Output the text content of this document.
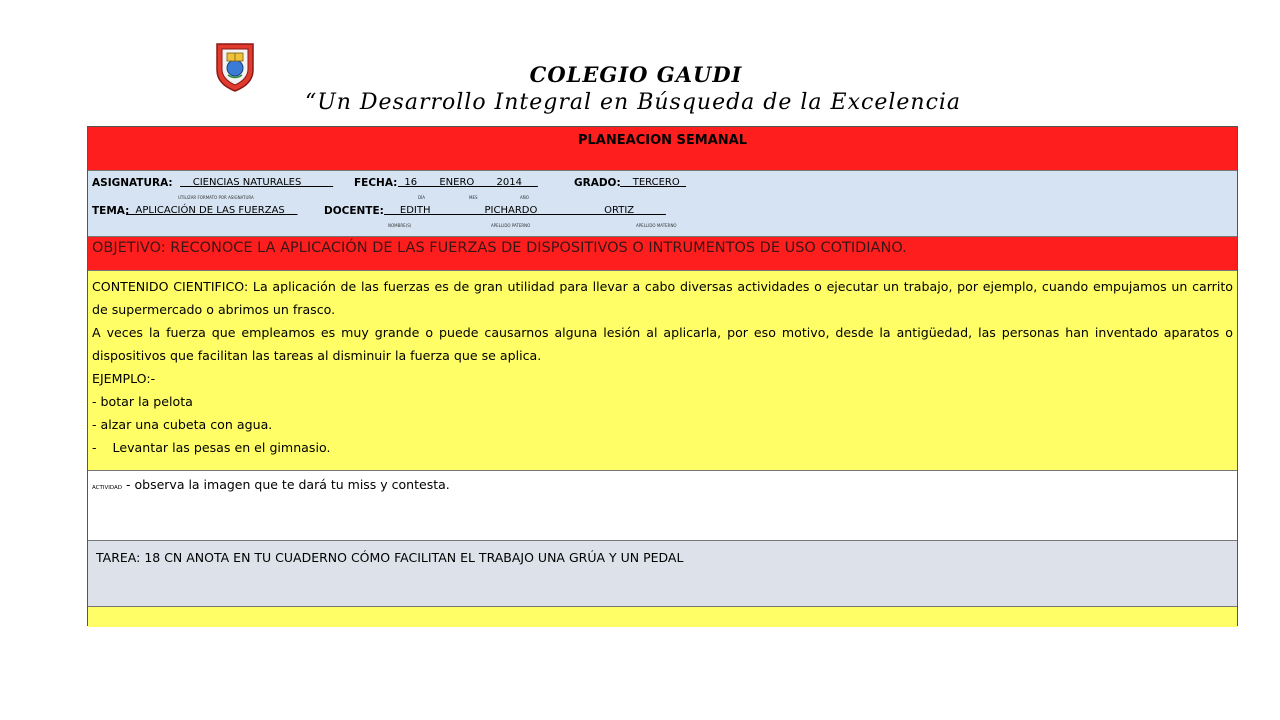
COLEGIO GAUDI
“Un Desarrollo Integral en Búsqueda de la Excelencia
PLANEACION SEMANAL
ASIGNATURA: CIENCIAS NATURALES FECHA: 16       ENERO       2014	GRADO: TERCERO
UTILIZAR FORMATO POR ASIGNATURA	DÍA	MES	AÑO
TEMA:
APLICACIÓN DE LAS FUERZAS	DOCENTE: EDITH                 PICHARDO                     ORTIZ
NOMBRE(S)	APELLIDO PATERNO	APELLIDO MATERNO
OBJETIVO: RECONOCE LA APLICACIÓN DE LAS FUERZAS DE DISPOSITIVOS O INTRUMENTOS DE USO COTIDIANO.

CONTENIDO CIENTIFICO: La aplicación de las fuerzas es de gran utilidad para llevar a cabo diversas actividades o ejecutar un trabajo, por ejemplo, cuando empujamos un carrito de supermercado o abrimos un frasco.

A veces la fuerza que empleamos es muy grande o puede causarnos alguna lesión al aplicarla, por eso motivo, desde la antigüedad, las personas han inventado aparatos o dispositivos que facilitan las tareas al disminuir la fuerza que se aplica.

EJEMPLO:-
- botar la pelota
- alzar una cubeta con agua.
-    Levantar las pesas en el gimnasio.
ACTIVIDAD - observa la imagen que te dará tu miss y contesta.
TAREA: 18 CN ANOTA EN TU CUADERNO CÓMO FACILITAN EL TRABAJO UNA GRÚA Y UN PEDAL
